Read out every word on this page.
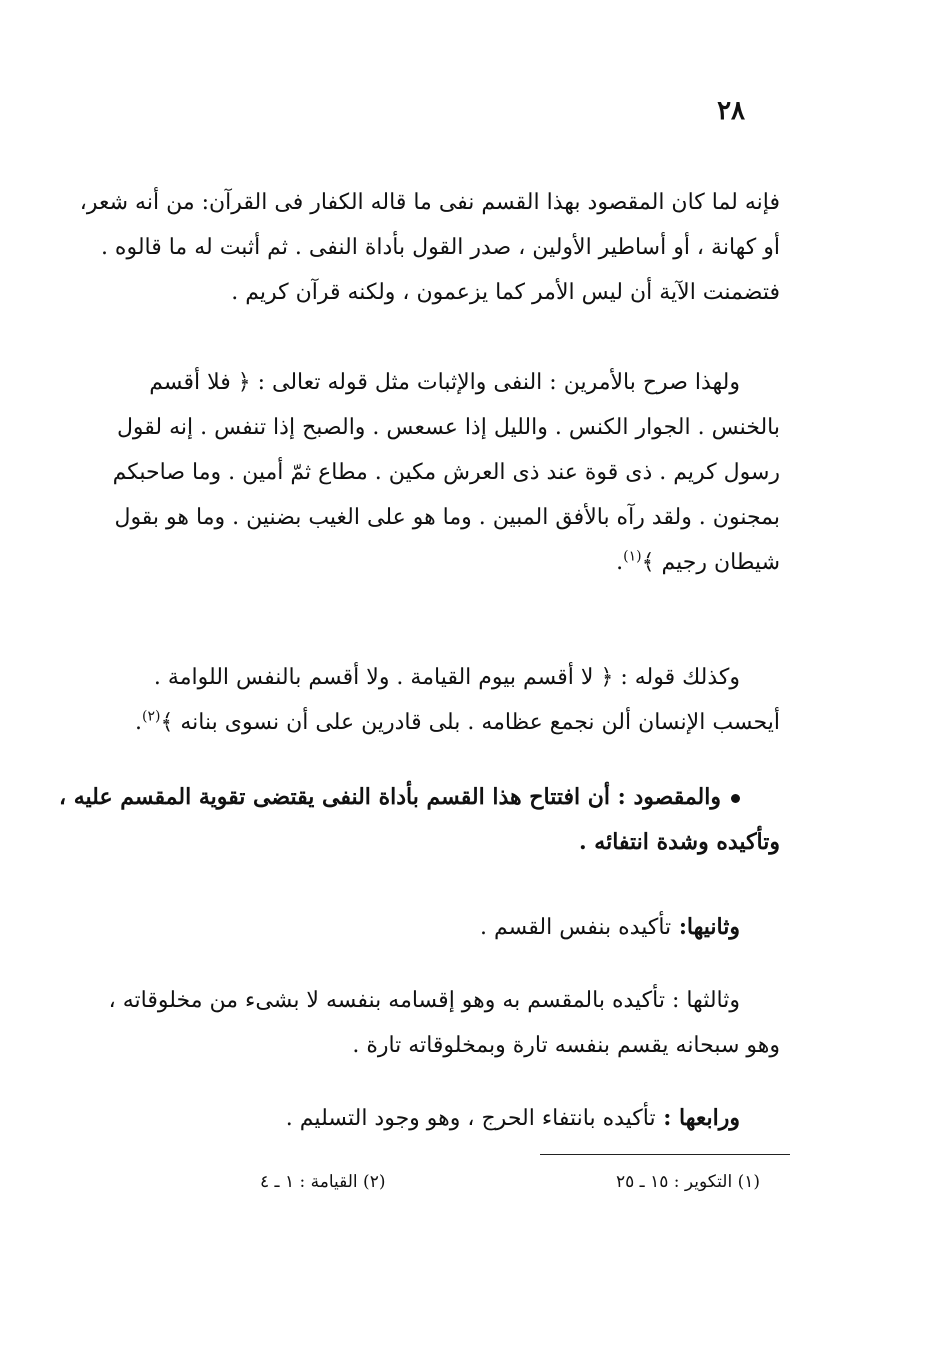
٢٨
فإنه لما كان المقصود بهذا القسم نفى ما قاله الكفار فى القرآن: من أنه شعر،
أو كهانة ، أو أساطير الأولين ، صدر القول بأداة النفى . ثم أثبت له ما قالوه .
فتضمنت الآية أن ليس الأمر كما يزعمون ، ولكنه قرآن كريم .
ولهذا صرح بالأمرين : النفى والإثبات مثل قوله تعالى : ﴿ فلا أقسم
بالخنس . الجوار الكنس . والليل إذا عسعس . والصبح إذا تنفس . إنه لقول
رسول كريم . ذى قوة عند ذى العرش مكين . مطاع ثمّ أمين . وما صاحبكم
بمجنون . ولقد رآه بالأفق المبين . وما هو على الغيب بضنين . وما هو بقول
شيطان رجيم ﴾$^{(١)}$.
وكذلك قوله : ﴿ لا أقسم بيوم القيامة . ولا أقسم بالنفس اللوامة .
أيحسب الإنسان ألن نجمع عظامه . بلى قادرين على أن نسوى بنانه ﴾$^{(٢)}$.
والمقصود : أن افتتاح هذا القسم بأداة النفى يقتضى تقوية المقسم عليه ،
وتأكيده وشدة انتفائه .
وثانيها: تأكيده بنفس القسم .
وثالثها : تأكيده بالمقسم به وهو إقسامه بنفسه لا بشىء من مخلوقاته ،
وهو سبحانه يقسم بنفسه تارة وبمخلوقاته تارة .
ورابعها : تأكيده بانتفاء الحرج ، وهو وجود التسليم .
(١) التكوير : ١٥ ـ ٢٥
(٢) القيامة : ١ ـ ٤
